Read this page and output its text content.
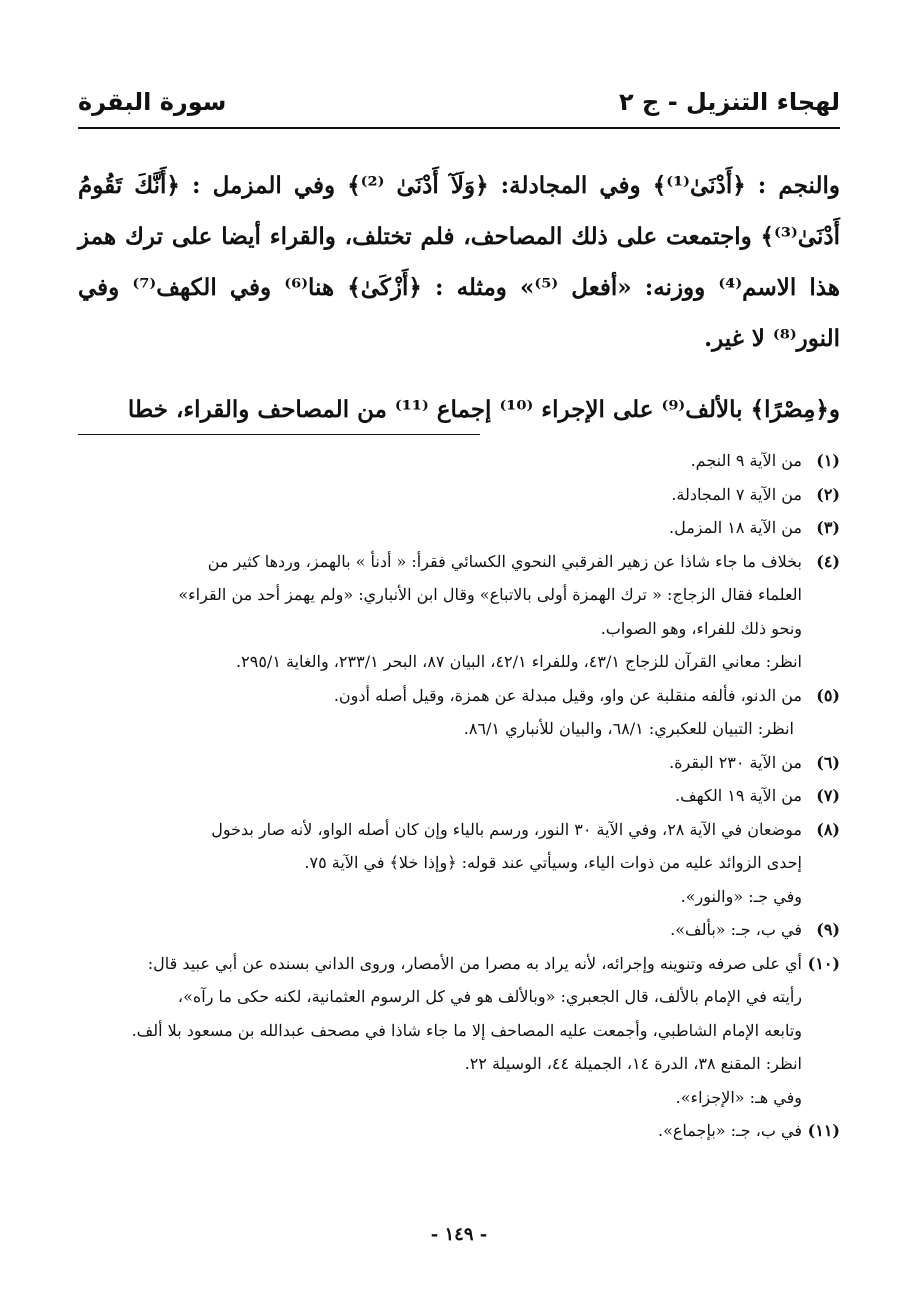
لهجاء التنزيل - ج ٢
سورة البقرة

والنجم : ﴿أَدْنَىٰ⁽¹⁾﴾ وفي المجادلة: ﴿وَلَآ أَدْنَىٰ ⁽²⁾﴾ وفي المزمل : ﴿أَنَّكَ تَقُومُ أَدْنَىٰ⁽³⁾﴾ واجتمعت على ذلك المصاحف، فلم تختلف، والقراء أيضا على ترك همز هذا الاسم⁽⁴⁾ ووزنه: «أفعل ⁽⁵⁾» ومثله : ﴿أَزْكَىٰ﴾ هنا⁽⁶⁾ وفي الكهف⁽⁷⁾ وفي النور⁽⁸⁾ لا غير.

و﴿مِصْرًا﴾ بالألف⁽⁹⁾ على الإجراء ⁽¹⁰⁾ إجماع ⁽¹¹⁾ من المصاحف والقراء، خطا

(١)
من الآية ٩ النجم.
(٢)
من الآية ٧ المجادلة.
(٣)
من الآية ١٨ المزمل.
(٤)
بخلاف ما جاء شاذا عن زهير الفرقبي النحوي الكسائي فقرأ: « أدنأ » بالهمز، وردها كثير من
العلماء فقال الزجاج: « ترك الهمزة أولى بالاتباع» وقال ابن الأنباري: «ولم يهمز أحد من القراء»
ونحو ذلك للفراء، وهو الصواب.
انظر: معاني القرآن للزجاج ٤٣/١، وللفراء ٤٢/١، البيان ٨٧، البحر ٢٣٣/١، والغاية ٢٩٥/١.
(٥)
من الدنو، فألفه منقلبة عن واو، وقيل مبدلة عن همزة، وقيل أصله أدون.
انظر: التبيان للعكبري: ٦٨/١، والبيان للأنباري ٨٦/١.
(٦)
من الآية ٢٣٠ البقرة.
(٧)
من الآية ١٩ الكهف.
(٨)
موضعان في الآية ٢٨، وفي الآية ٣٠ النور، ورسم بالياء وإن كان أصله الواو، لأنه صار بدخول
إحدى الزوائد عليه من ذوات الياء، وسيأتي عند قوله: ﴿وإذا خلا﴾ في الآية ٧٥.
وفي جـ: «والنور».
(٩)
في ب، جـ: «بألف».
(١٠)
أي على صرفه وتنوينه وإجرائه، لأنه يراد به مصرا من الأمصار، وروى الداني بسنده عن أبي عبيد قال:
رأيته في الإمام بالألف، قال الجعبري: «وبالألف هو في كل الرسوم العثمانية، لكنه حكى ما رآه»،
وتابعه الإمام الشاطبي، وأجمعت عليه المصاحف إلا ما جاء شاذا في مصحف عبدالله بن مسعود بلا ألف.
انظر: المقنع ٣٨، الدرة ١٤، الجميلة ٤٤، الوسيلة ٢٢.
وفي هـ: «الإجزاء».
(١١)
في ب، جـ: «بإجماع».
- ١٤٩ -
